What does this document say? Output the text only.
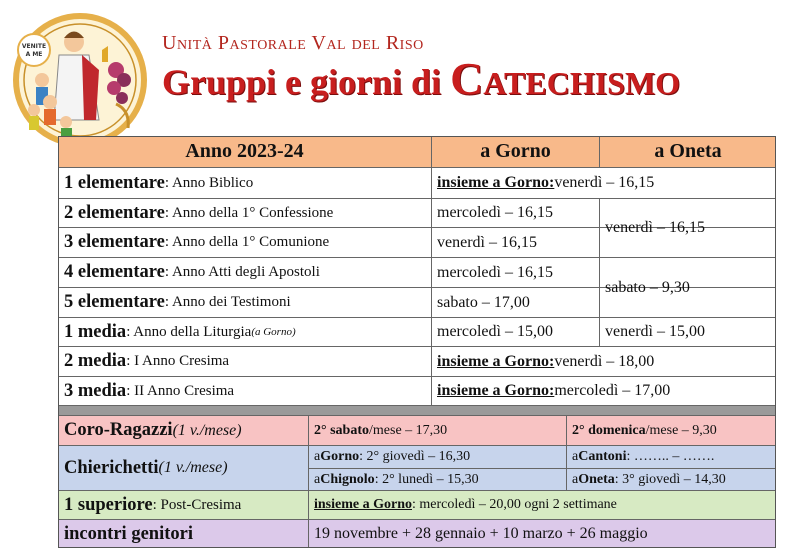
VENITE
A ME
Unità Pastorale Val del Riso
Gruppi e giorni di Catechismo
Anno 2023-24	a Gorno	a Oneta
1 elementare : Anno Biblico	insieme a Gorno: venerdì – 16,15
2 elementare : Anno della 1° Confessione	mercoledì – 16,15
3 elementare : Anno della 1° Comunione	venerdì – 16,15
venerdì – 16,15
4 elementare : Anno Atti degli Apostoli	mercoledì – 16,15
5 elementare : Anno dei Testimoni	sabato – 17,00
sabato – 9,30
1 media : Anno della Liturgia (a Gorno)	mercoledì – 15,00	venerdì – 15,00
2 media : I Anno Cresima	insieme a Gorno: venerdì – 18,00
3 media : II Anno Cresima	insieme a Gorno: mercoledì – 17,00
Coro-Ragazzi (1 v./mese)	2° sabato /mese – 17,30	2° domenica /mese – 9,30
Chierichetti (1 v./mese)
a Gorno : 2° giovedì – 16,30	a Cantoni : …….. – …….
a Chignolo : 2° lunedì – 15,30	a Oneta : 3° giovedì – 14,30
1 superiore : Post-Cresima	insieme a Gorno : mercoledì – 20,00 ogni 2 settimane
incontri genitori	19 novembre + 28 gennaio + 10 marzo + 26 maggio
